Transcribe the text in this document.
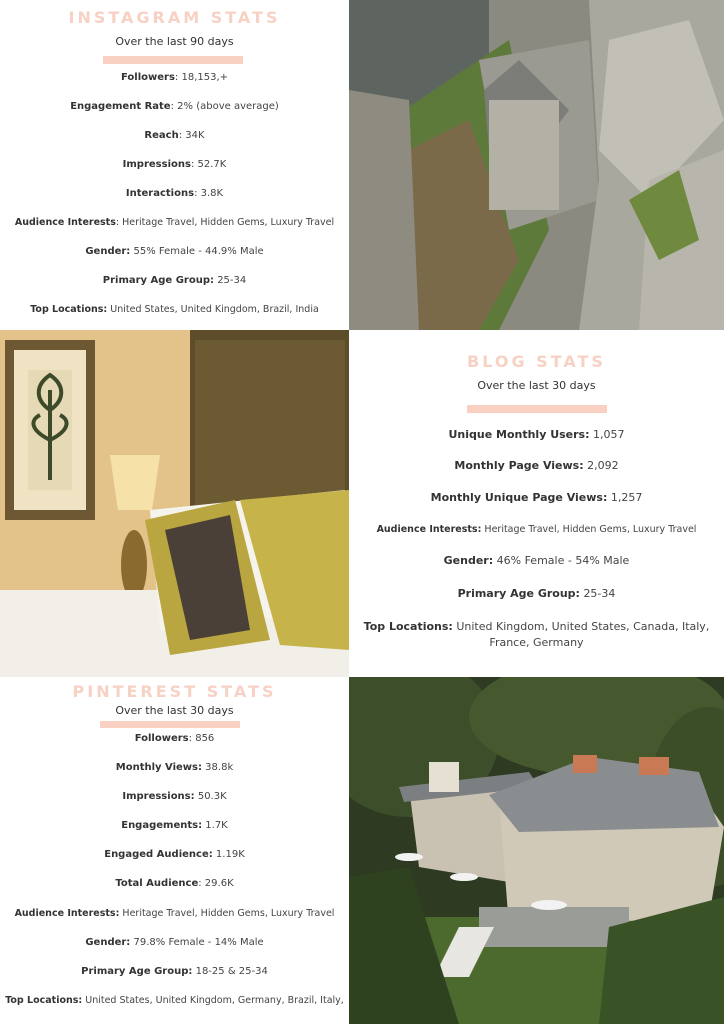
INSTAGRAM STATS

Over the last 90 days

Followers: 18,153,+

Engagement Rate: 2% (above average)

Reach: 34K

Impressions: 52.7K

Interactions: 3.8K

Audience Interests: Heritage Travel, Hidden Gems, Luxury Travel

Gender: 55% Female - 44.9% Male

Primary Age Group: 25-34

Top Locations: United States, United Kingdom, Brazil, India

BLOG STATS

Over the last 30 days

Unique Monthly Users: 1,057

Monthly Page Views: 2,092

Monthly Unique Page Views: 1,257

Audience Interests: Heritage Travel, Hidden Gems, Luxury Travel

Gender: 46% Female - 54% Male

Primary Age Group: 25-34

Top Locations: United Kingdom, United States, Canada, Italy, France, Germany

PINTEREST STATS

Over the last 30 days

Followers: 856

Monthly Views: 38.8k

Impressions: 50.3K

Engagements: 1.7K

Engaged Audience: 1.19K

Total Audience: 29.6K

Audience Interests: Heritage Travel, Hidden Gems, Luxury Travel

Gender: 79.8% Female - 14% Male

Primary Age Group: 18-25 & 25-34

Top Locations: United States, United Kingdom, Germany, Brazil, Italy,
